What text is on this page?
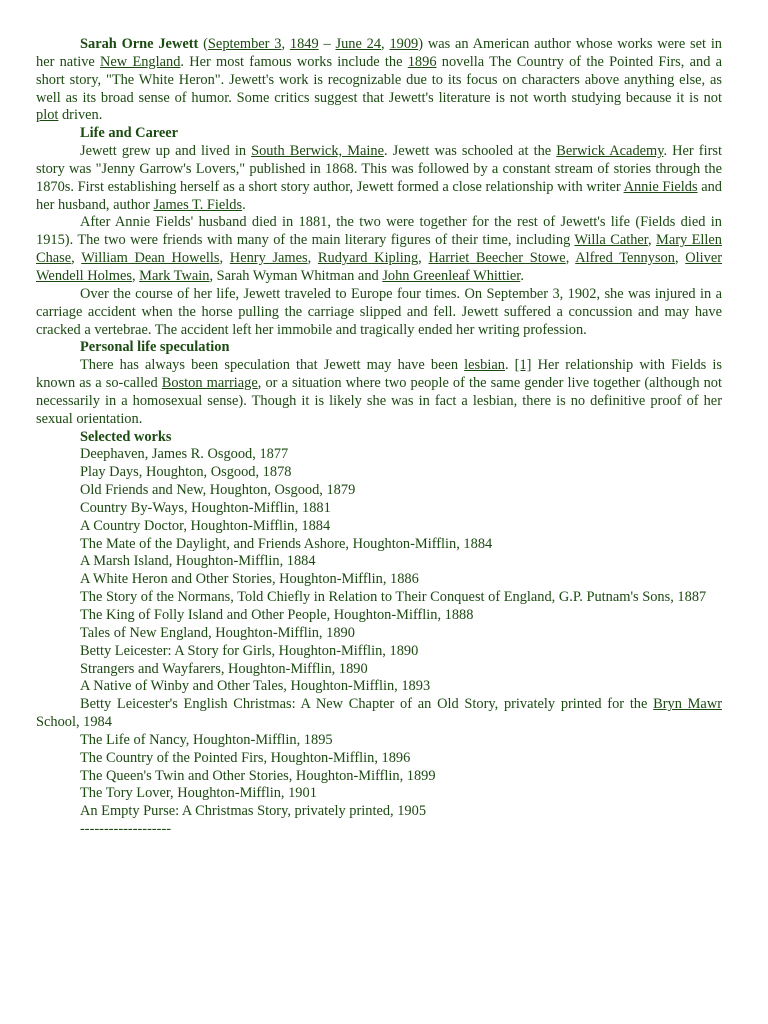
Sarah Orne Jewett (September 3, 1849 – June 24, 1909) was an American author whose works were set in her native New England. Her most famous works include the 1896 novella The Country of the Pointed Firs, and a short story, "The White Heron". Jewett's work is recognizable due to its focus on characters above anything else, as well as its broad sense of humor. Some critics suggest that Jewett's literature is not worth studying because it is not plot driven.

Life and Career

Jewett grew up and lived in South Berwick, Maine. Jewett was schooled at the Berwick Academy. Her first story was "Jenny Garrow's Lovers," published in 1868. This was followed by a constant stream of stories through the 1870s. First establishing herself as a short story author, Jewett formed a close relationship with writer Annie Fields and her husband, author James T. Fields.

After Annie Fields' husband died in 1881, the two were together for the rest of Jewett's life (Fields died in 1915). The two were friends with many of the main literary figures of their time, including Willa Cather, Mary Ellen Chase, William Dean Howells, Henry James, Rudyard Kipling, Harriet Beecher Stowe, Alfred Tennyson, Oliver Wendell Holmes, Mark Twain, Sarah Wyman Whitman and John Greenleaf Whittier.

Over the course of her life, Jewett traveled to Europe four times. On September 3, 1902, she was injured in a carriage accident when the horse pulling the carriage slipped and fell. Jewett suffered a concussion and may have cracked a vertebrae. The accident left her immobile and tragically ended her writing profession.

Personal life speculation

There has always been speculation that Jewett may have been lesbian. [1] Her relationship with Fields is known as a so-called Boston marriage, or a situation where two people of the same gender live together (although not necessarily in a homosexual sense). Though it is likely she was in fact a lesbian, there is no definitive proof of her sexual orientation.

Selected works

Deephaven, James R. Osgood, 1877

Play Days, Houghton, Osgood, 1878

Old Friends and New, Houghton, Osgood, 1879

Country By-Ways, Houghton-Mifflin, 1881

A Country Doctor, Houghton-Mifflin, 1884

The Mate of the Daylight, and Friends Ashore, Houghton-Mifflin, 1884

A Marsh Island, Houghton-Mifflin, 1884

A White Heron and Other Stories, Houghton-Mifflin, 1886

The Story of the Normans, Told Chiefly in Relation to Their Conquest of England, G.P. Putnam's Sons, 1887

The King of Folly Island and Other People, Houghton-Mifflin, 1888

Tales of New England, Houghton-Mifflin, 1890

Betty Leicester: A Story for Girls, Houghton-Mifflin, 1890

Strangers and Wayfarers, Houghton-Mifflin, 1890

A Native of Winby and Other Tales, Houghton-Mifflin, 1893

Betty Leicester's English Christmas: A New Chapter of an Old Story, privately printed for the Bryn Mawr School, 1984

The Life of Nancy, Houghton-Mifflin, 1895

The Country of the Pointed Firs, Houghton-Mifflin, 1896

The Queen's Twin and Other Stories, Houghton-Mifflin, 1899

The Tory Lover, Houghton-Mifflin, 1901

An Empty Purse: A Christmas Story, privately printed, 1905

-------------------
